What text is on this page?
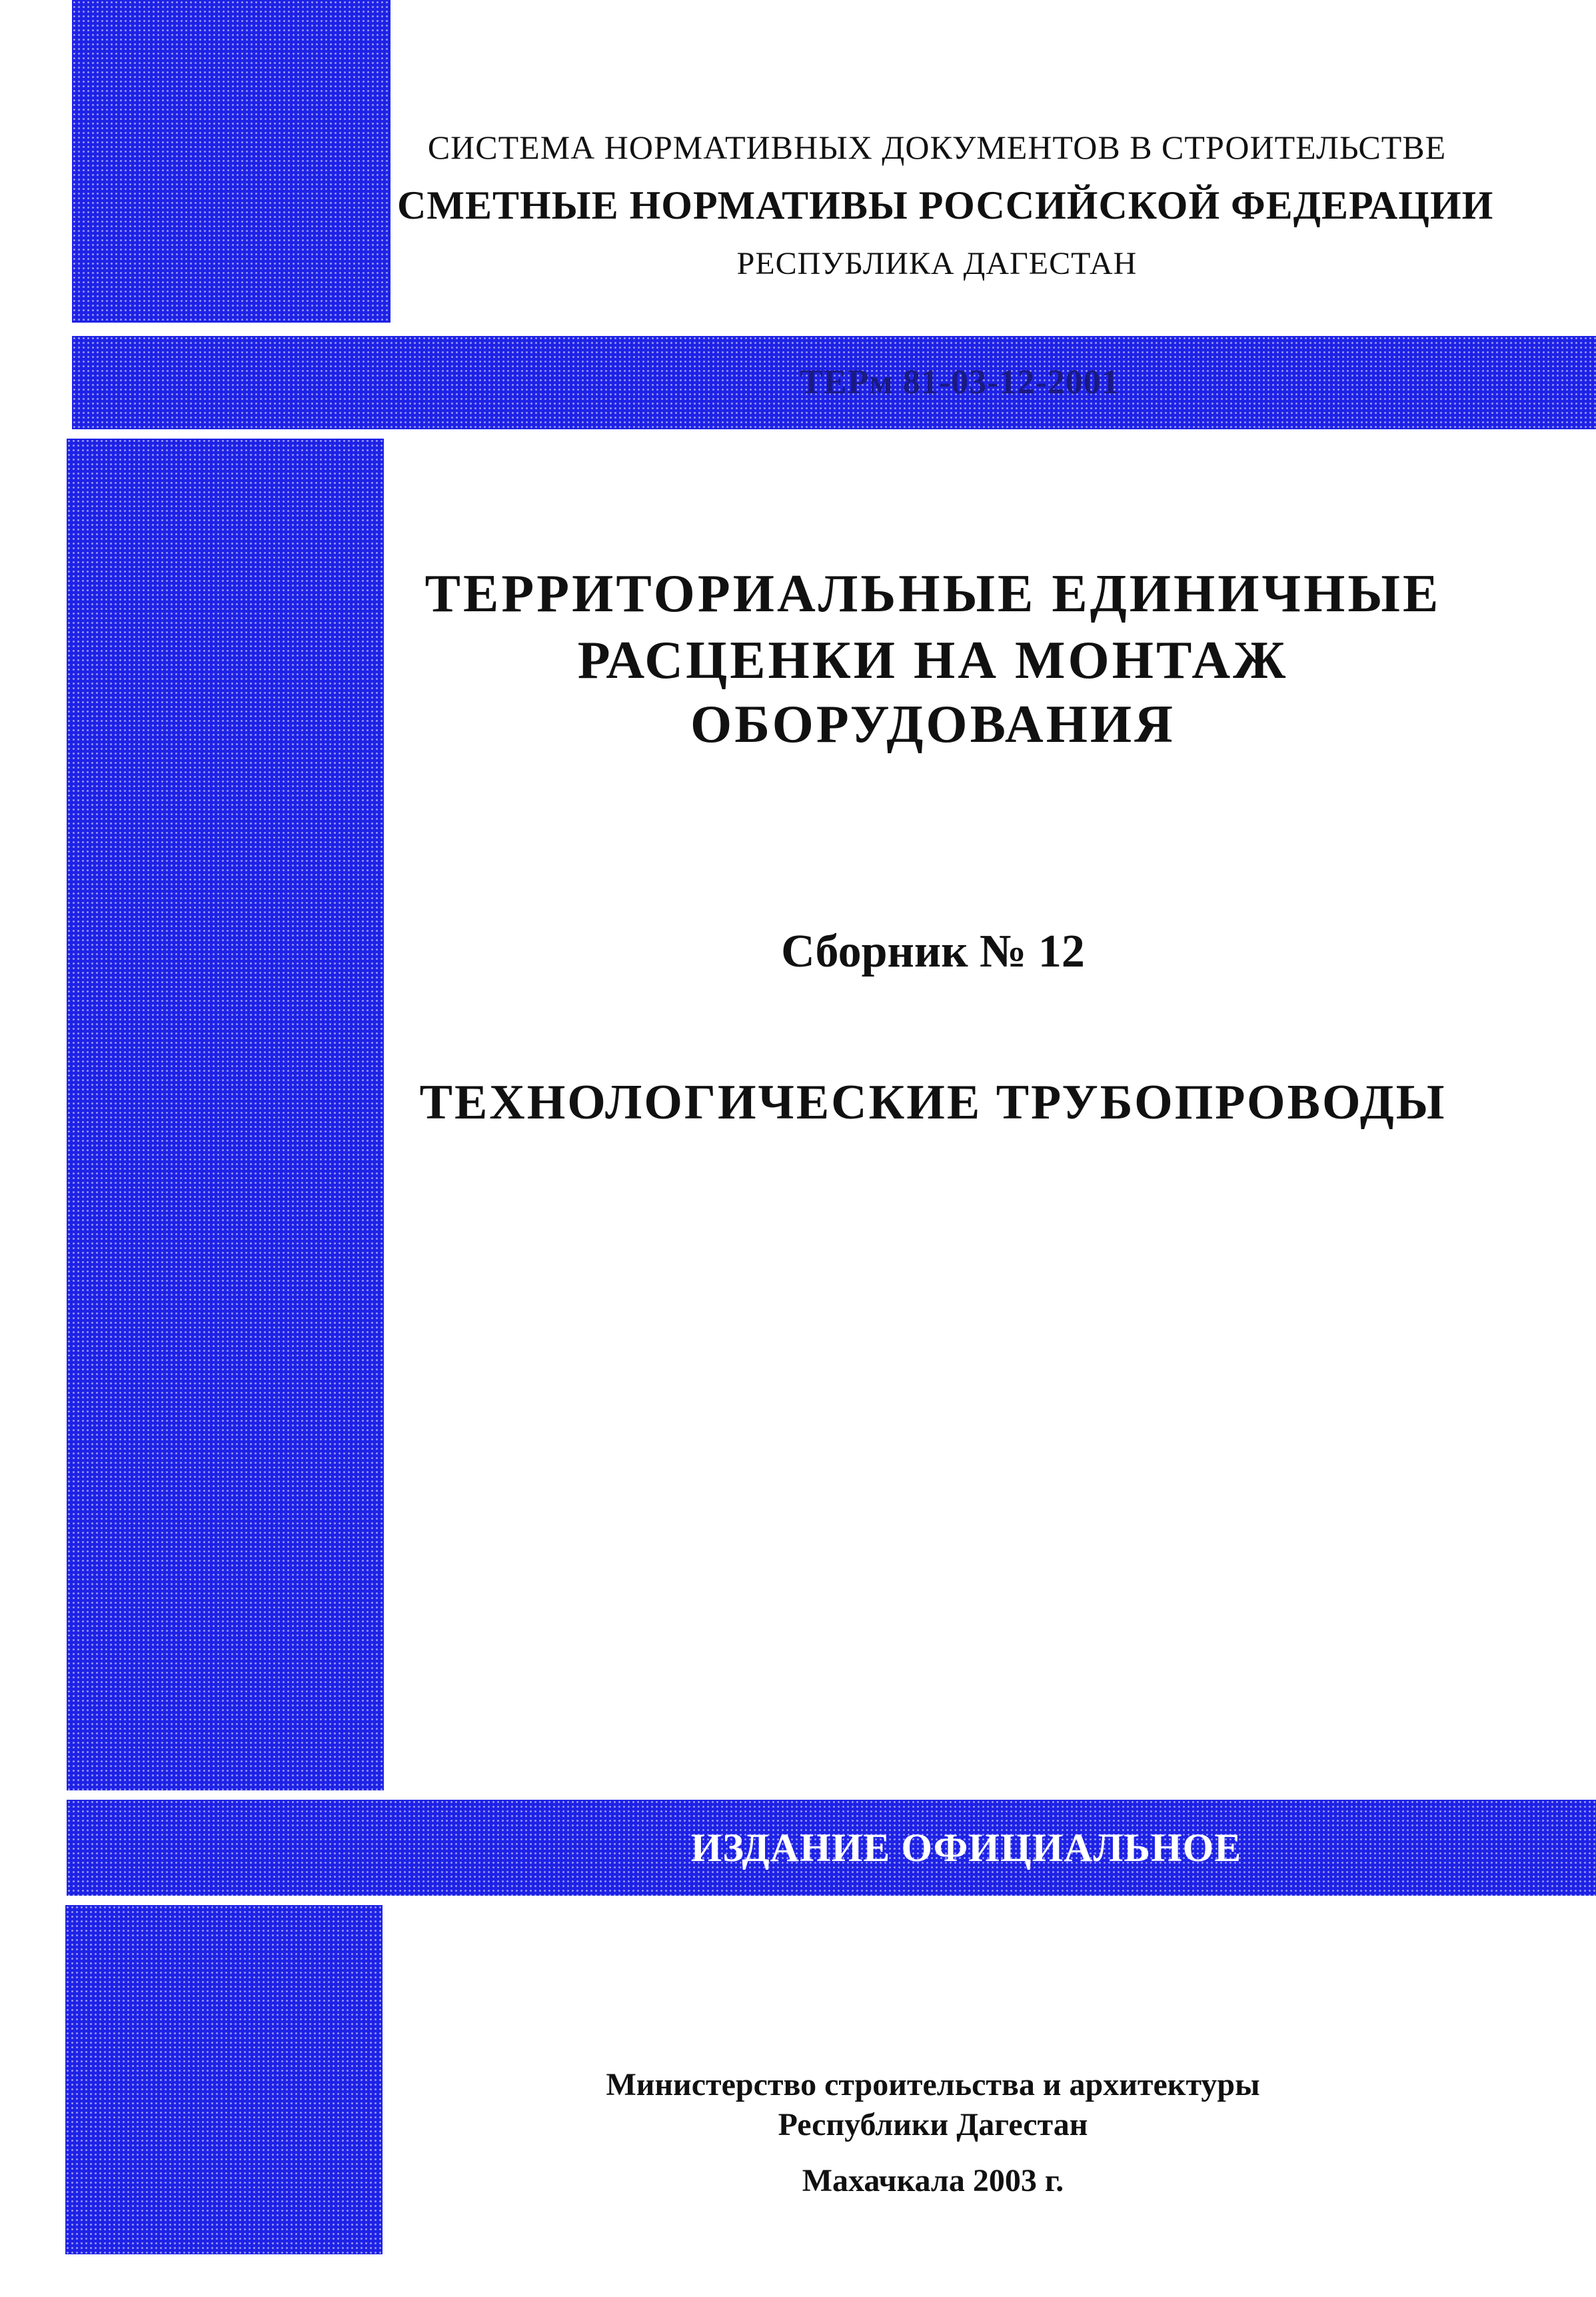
СИСТЕМА НОРМАТИВНЫХ ДОКУМЕНТОВ В СТРОИТЕЛЬСТВЕ
СМЕТНЫЕ НОРМАТИВЫ РОССИЙСКОЙ ФЕДЕРАЦИИ
РЕСПУБЛИКА ДАГЕСТАН
ТЕРм 81-03-12-2001
ТЕРРИТОРИАЛЬНЫЕ ЕДИНИЧНЫЕ
РАСЦЕНКИ НА МОНТАЖ
ОБОРУДОВАНИЯ
Сборник № 12
ТЕХНОЛОГИЧЕСКИЕ ТРУБОПРОВОДЫ
ИЗДАНИЕ ОФИЦИАЛЬНОЕ
Министерство строительства и архитектуры
Республики Дагестан
Махачкала 2003 г.
